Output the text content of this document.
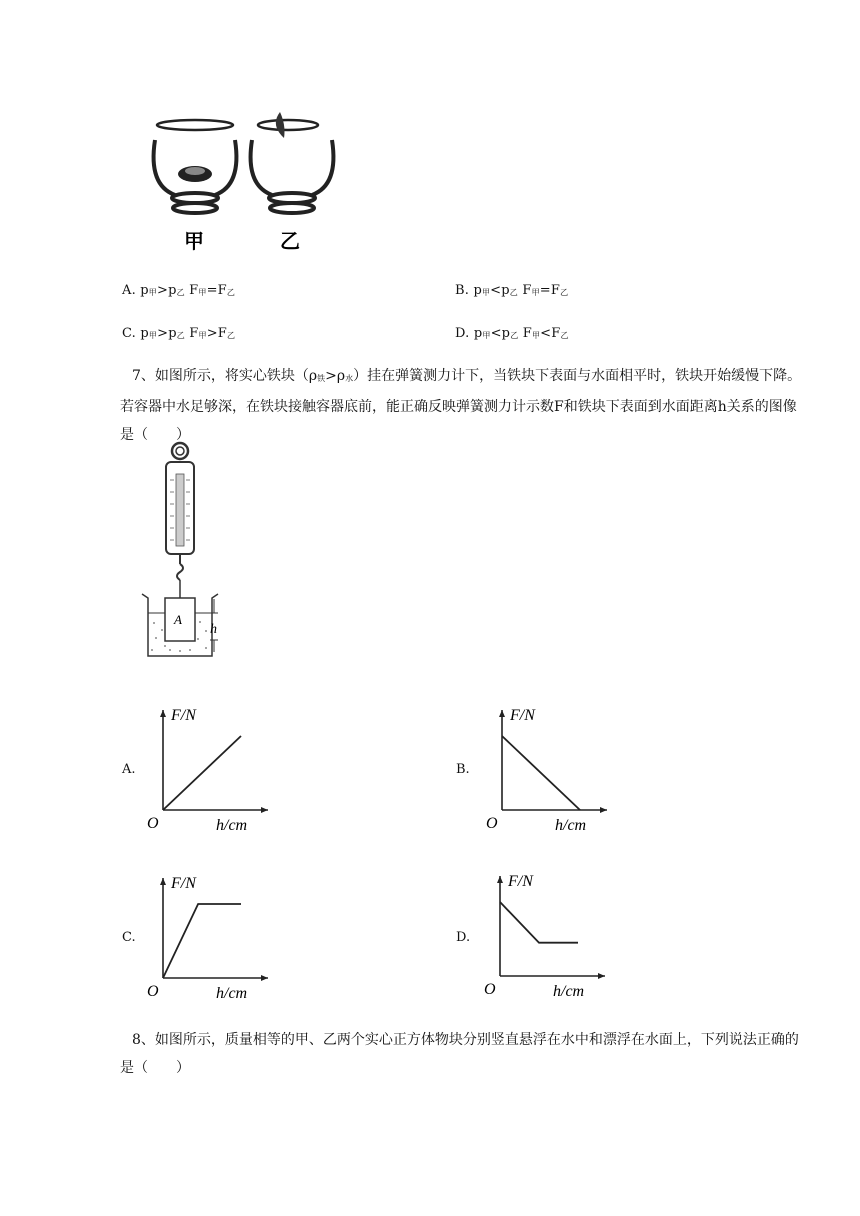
甲	乙
A. p甲>p乙 F甲=F乙	B. p甲<p乙 F甲=F乙
C. p甲>p乙 F甲>F乙	D. p甲<p乙 F甲<F乙
7、如图所示，将实心铁块（ρ铁>ρ水）挂在弹簧测力计下，当铁块下表面与水面相平时，铁块开始缓慢下降。若容器中水足够深，在铁块接触容器底前，能正确反映弹簧测力计示数F和铁块下表面到水面距离h关系的图像是（　　）
A
h
A.
F/N
h/cm
O
B.
F/N
h/cm
O
C.
F/N
h/cm
O
D.
F/N
h/cm
O
8、如图所示，质量相等的甲、乙两个实心正方体物块分别竖直悬浮在水中和漂浮在水面上，下列说法正确的是（　　）
